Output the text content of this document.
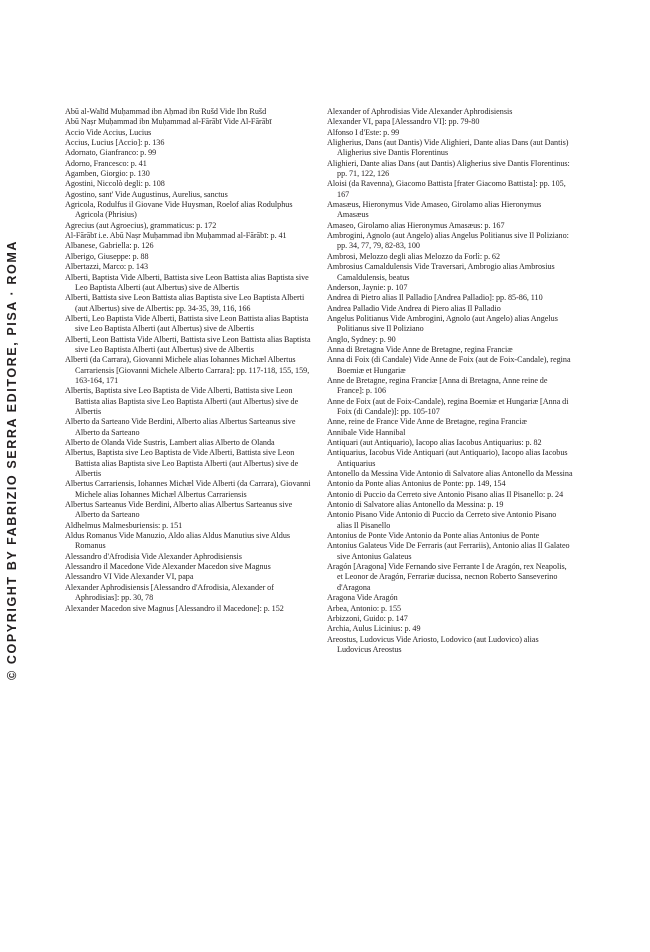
© COPYRIGHT BY FABRIZIO SERRA EDITORE, PISA · ROMA

Abū al-Walīd Muḥammad ibn Aḥmad ibn Rušd Vide Ibn Rušd

Abū Naṣr Muḥammad ibn Muḥammad al-Fārābī Vide Al-Fārābī

Accio Vide Accius, Lucius

Accius, Lucius [Accio]: p. 136

Adornato, Gianfranco: p. 99

Adorno, Francesco: p. 41

Agamben, Giorgio: p. 130

Agostini, Niccolò degli: p. 108

Agostino, sant' Vide Augustinus, Aurelius, sanctus

Agricola, Rodulfus il Giovane Vide Huysman, Roelof alias Rodulphus Agricola (Phrisius)

Agrecius (aut Agroecius), grammaticus: p. 172

Al-Fārābī i.e. Abū Naṣr Muḥammad ibn Muḥammad al-Fārābī: p. 41

Albanese, Gabriella: p. 126

Alberigo, Giuseppe: p. 88

Albertazzi, Marco: p. 143

Alberti, Baptista Vide Alberti, Battista sive Leon Battista alias Baptista sive Leo Baptista Alberti (aut Albertus) sive de Albertis

Alberti, Battista sive Leon Battista alias Baptista sive Leo Baptista Alberti (aut Albertus) sive de Albertis: pp. 34-35, 39, 116, 166

Alberti, Leo Baptista Vide Alberti, Battista sive Leon Battista alias Baptista sive Leo Baptista Alberti (aut Albertus) sive de Albertis

Alberti, Leon Battista Vide Alberti, Battista sive Leon Battista alias Baptista sive Leo Baptista Alberti (aut Albertus) sive de Albertis

Alberti (da Carrara), Giovanni Michele alias Iohannes Michæl Albertus Carrariensis [Giovanni Michele Alberto Carrara]: pp. 117-118, 155, 159, 163-164, 171

Albertis, Baptista sive Leo Baptista de Vide Alberti, Battista sive Leon Battista alias Baptista sive Leo Baptista Alberti (aut Albertus) sive de Albertis

Alberto da Sarteano Vide Berdini, Alberto alias Albertus Sarteanus sive Alberto da Sarteano

Alberto de Olanda Vide Sustris, Lambert alias Alberto de Olanda

Albertus, Baptista sive Leo Baptista de Vide Alberti, Battista sive Leon Battista alias Baptista sive Leo Baptista Alberti (aut Albertus) sive de Albertis

Albertus Carrariensis, Iohannes Michæl Vide Alberti (da Carrara), Giovanni Michele alias Iohannes Michæl Albertus Carrariensis

Albertus Sarteanus Vide Berdini, Alberto alias Albertus Sarteanus sive Alberto da Sarteano

Aldhelmus Malmesburiensis: p. 151

Aldus Romanus Vide Manuzio, Aldo alias Aldus Manutius sive Aldus Romanus

Alessandro d'Afrodisia Vide Alexander Aphrodisiensis

Alessandro il Macedone Vide Alexander Macedon sive Magnus

Alessandro VI Vide Alexander VI, papa

Alexander Aphrodisiensis [Alessandro d'Afrodisia, Alexander of Aphrodisias]: pp. 30, 78

Alexander Macedon sive Magnus [Alessandro il Macedone]: p. 152

Alexander of Aphrodisias Vide Alexander Aphrodisiensis

Alexander VI, papa [Alessandro VI]: pp. 79-80

Alfonso I d'Este: p. 99

Aligherius, Dans (aut Dantis) Vide Alighieri, Dante alias Dans (aut Dantis) Aligherius sive Dantis Florentinus

Alighieri, Dante alias Dans (aut Dantis) Aligherius sive Dantis Florentinus: pp. 71, 122, 126

Aloisi (da Ravenna), Giacomo Battista [frater Giacomo Battista]: pp. 105, 167

Amasæus, Hieronymus Vide Amaseo, Girolamo alias Hieronymus Amasæus

Amaseo, Girolamo alias Hieronymus Amasæus: p. 167

Ambrogini, Agnolo (aut Angelo) alias Angelus Politianus sive Il Poliziano: pp. 34, 77, 79, 82-83, 100

Ambrosi, Melozzo degli alias Melozzo da Forlì: p. 62

Ambrosius Camaldulensis Vide Traversari, Ambrogio alias Ambrosius Camaldulensis, beatus

Anderson, Jaynie: p. 107

Andrea di Pietro alias Il Palladio [Andrea Palladio]: pp. 85-86, 110

Andrea Palladio Vide Andrea di Piero alias Il Palladio

Angelus Politianus Vide Ambrogini, Agnolo (aut Angelo) alias Angelus Politianus sive Il Poliziano

Anglo, Sydney: p. 90

Anna di Bretagna Vide Anne de Bretagne, regina Franciæ

Anna di Foix (di Candale) Vide Anne de Foix (aut de Foix-Candale), regina Boemiæ et Hungariæ

Anne de Bretagne, regina Franciæ [Anna di Bretagna, Anne reine de France]: p. 106

Anne de Foix (aut de Foix-Candale), regina Boemiæ et Hungariæ [Anna di Foix (di Candale)]: pp. 105-107

Anne, reine de France Vide Anne de Bretagne, regina Franciæ

Annibale Vide Hannibal

Antiquari (aut Antiquario), Iacopo alias Iacobus Antiquarius: p. 82

Antiquarius, Iacobus Vide Antiquari (aut Antiquario), Iacopo alias Iacobus Antiquarius

Antonello da Messina Vide Antonio di Salvatore alias Antonello da Messina

Antonio da Ponte alias Antonius de Ponte: pp. 149, 154

Antonio di Puccio da Cerreto sive Antonio Pisano alias Il Pisanello: p. 24

Antonio di Salvatore alias Antonello da Messina: p. 19

Antonio Pisano Vide Antonio di Puccio da Cerreto sive Antonio Pisano alias Il Pisanello

Antonius de Ponte Vide Antonio da Ponte alias Antonius de Ponte

Antonius Galateus Vide De Ferraris (aut Ferrariis), Antonio alias Il Galateo sive Antonius Galateus

Aragón [Aragona] Vide Fernando sive Ferrante I de Aragón, rex Neapolis, et Leonor de Aragón, Ferrariæ ducissa, necnon Roberto Sanseverino d'Aragona

Aragona Vide Aragón

Arbea, Antonio: p. 155

Arbizzoni, Guido: p. 147

Archia, Aulus Licinius: p. 49

Areostus, Ludovicus Vide Ariosto, Lodovico (aut Ludovico) alias Ludovicus Areostus
